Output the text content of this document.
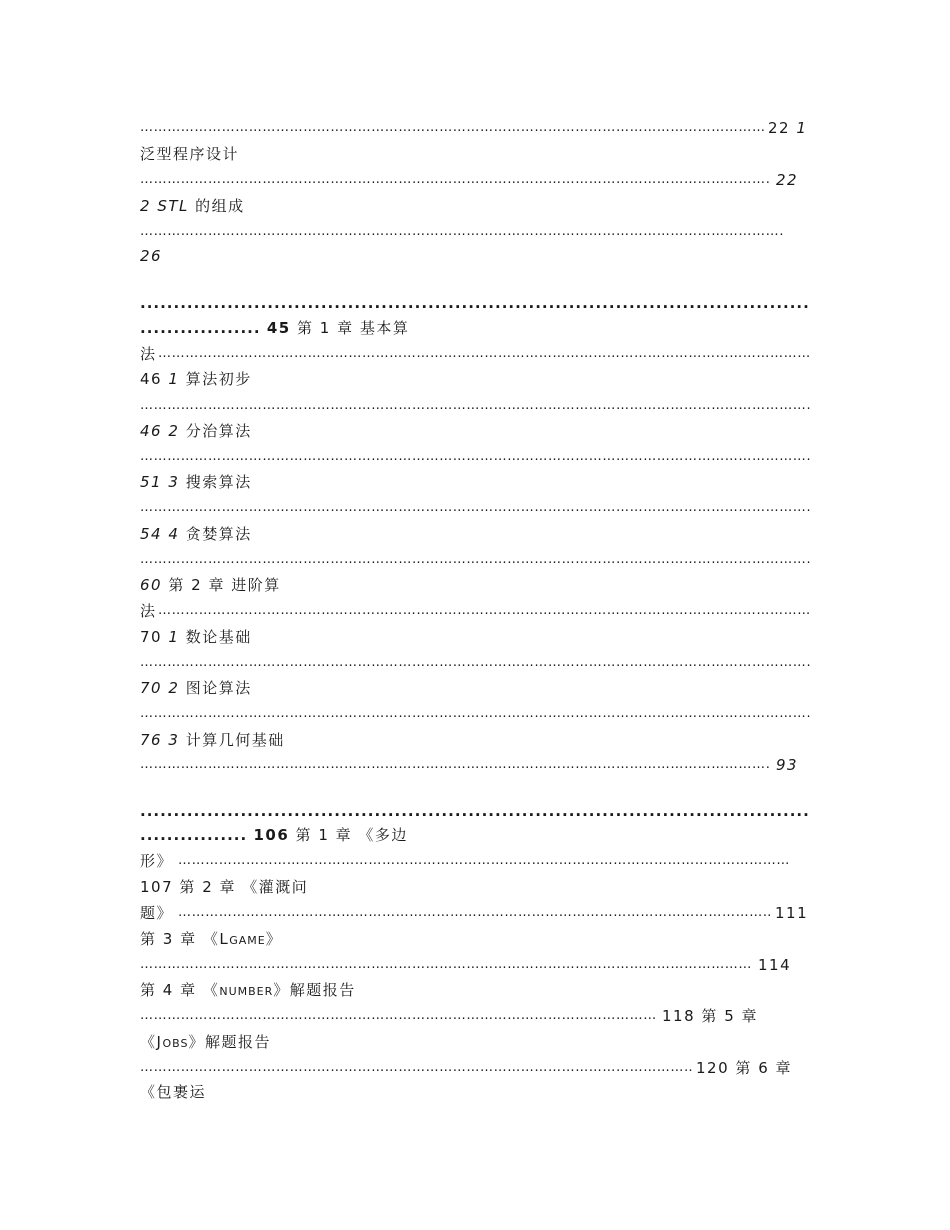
………………………………………………………………………………………………………………………………………………………………………………………………………………………………………………………………
22 1
泛型程序设计
………………………………………………………………………………………………………………………………………………………………………………………………………………………………………………………………
22
2 STL 的组成
………………………………………………………………………………………………………………………………………………………………………………………………………………………………………………………………
26
.....
.................. 45 第 1 章 基本算
法
………………………………………………………………………………………………………………………………………………………………………………………………………………………………………………………………
46 1 算法初步
………………………………………………………………………………………………………………………………………………………………………………………………………………………………………………………………
46 2 分治算法
………………………………………………………………………………………………………………………………………………………………………………………………………………………………………………………………
51 3 搜索算法
………………………………………………………………………………………………………………………………………………………………………………………………………………………………………………………………
54 4 贪婪算法
………………………………………………………………………………………………………………………………………………………………………………………………………………………………………………………………
60 第 2 章 进阶算
法
………………………………………………………………………………………………………………………………………………………………………………………………………………………………………………………………
70 1 数论基础
………………………………………………………………………………………………………………………………………………………………………………………………………………………………………………………………
70 2 图论算法
………………………………………………………………………………………………………………………………………………………………………………………………………………………………………………………………
76 3 计算几何基础
………………………………………………………………………………………………………………………………………………………………………………………………………………………………………………………………
93
.....
................ 106 第 1 章 《多边
形》
………………………………………………………………………………………………………………………………………………………………………………………………………………………………………………………………
107 第 2 章 《灌溉问
题》
………………………………………………………………………………………………………………………………………………………………………………………………………………………………………………………………	111
第 3 章 《LGAME》
………………………………………………………………………………………………………………………………………………………………………………………………………………………………………………………………
114
第 4 章 《NUMBER》解题报告
………………………………………………………………………………………………………………………………………………………………………………………………………………………………………………………………
118 第 5 章
《JOBS》解题报告
………………………………………………………………………………………………………………………………………………………………………………………………………………………………………………………………
120 第 6 章
《包裹运
